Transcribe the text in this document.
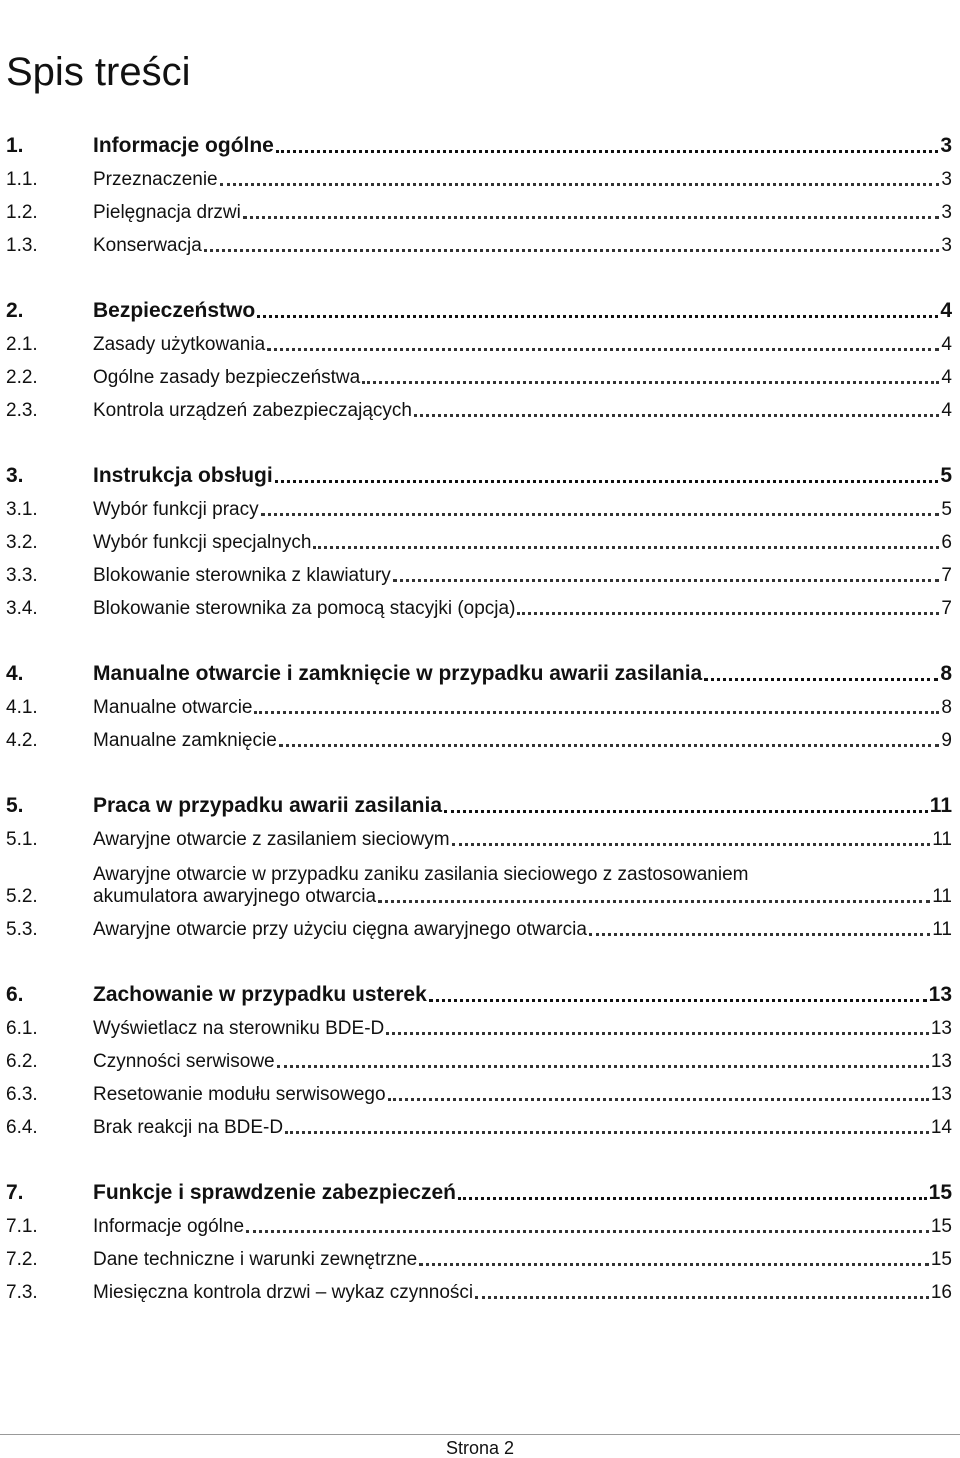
Spis treści
1.	Informacje ogólne	3
1.1.	Przeznaczenie	3
1.2.	Pielęgnacja drzwi	3
1.3.	Konserwacja	3
2.	Bezpieczeństwo	4
2.1.	Zasady użytkowania	4
2.2.	Ogólne zasady bezpieczeństwa	4
2.3.	Kontrola urządzeń zabezpieczających	4
3.	Instrukcja obsługi	5
3.1.	Wybór funkcji pracy	5
3.2.	Wybór funkcji specjalnych	6
3.3.	Blokowanie sterownika z klawiatury	7
3.4.	Blokowanie sterownika za pomocą stacyjki (opcja)	7
4.	Manualne otwarcie i zamknięcie w przypadku awarii zasilania	8
4.1.	Manualne otwarcie	8
4.2.	Manualne zamknięcie	9
5.	Praca w przypadku awarii zasilania	11
5.1.	Awaryjne otwarcie z zasilaniem sieciowym	11
5.2.
Awaryjne otwarcie w przypadku zaniku zasilania sieciowego z zastosowaniem
akumulatora awaryjnego otwarcia	11
5.3.	Awaryjne otwarcie przy użyciu cięgna awaryjnego otwarcia	11
6.	Zachowanie w przypadku usterek	13
6.1.	Wyświetlacz na sterowniku BDE-D	13
6.2.	Czynności serwisowe	13
6.3.	Resetowanie modułu serwisowego	13
6.4.	Brak reakcji na BDE-D	14
7.	Funkcje i sprawdzenie zabezpieczeń	15
7.1.	Informacje ogólne	15
7.2.	Dane techniczne i warunki zewnętrzne	15
7.3.	Miesięczna kontrola drzwi – wykaz czynności	16
Strona 2
